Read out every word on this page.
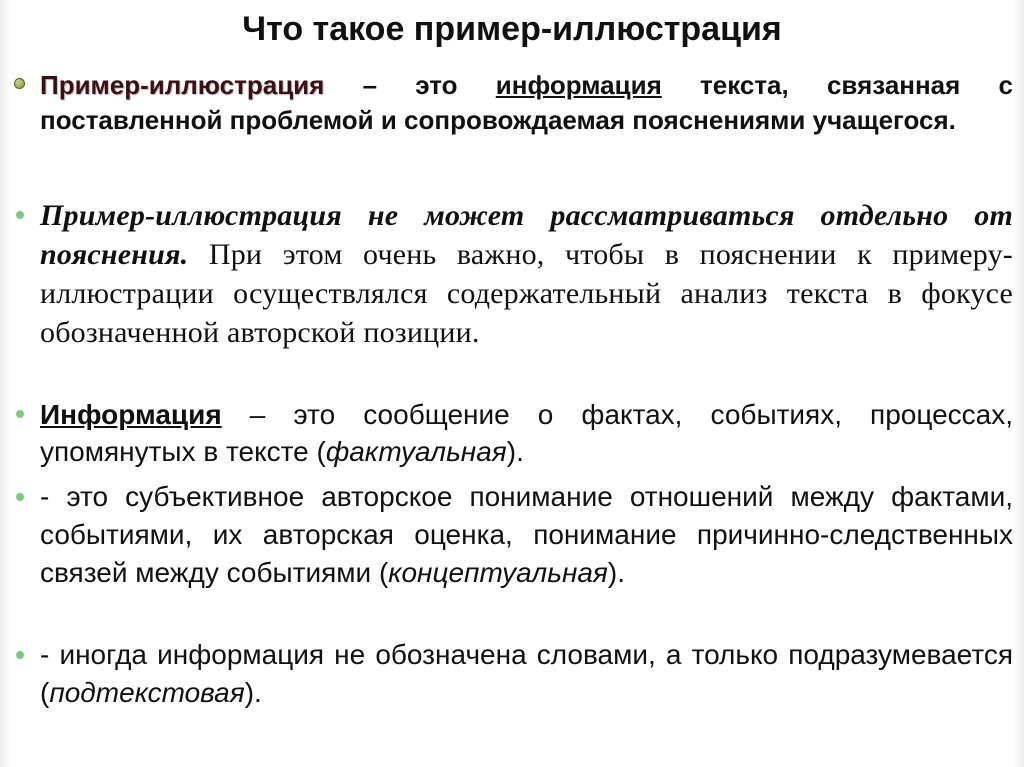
Что такое пример-иллюстрация
Пример-иллюстрация – это информация текста, связанная с поставленной проблемой и сопровождаемая пояснениями учащегося.
Пример-иллюстрация не может рассматриваться отдельно от пояснения. При этом очень важно, чтобы в пояснении к примеру-иллюстрации осуществлялся содержательный анализ текста в фокусе обозначенной авторской позиции.
Информация – это сообщение о фактах, событиях, процессах, упомянутых в тексте (фактуальная).
- это субъективное авторское понимание отношений между фактами, событиями, их авторская оценка, понимание причинно-следственных связей между событиями (концептуальная).
- иногда информация не обозначена словами, а только подразумевается (подтекстовая).
